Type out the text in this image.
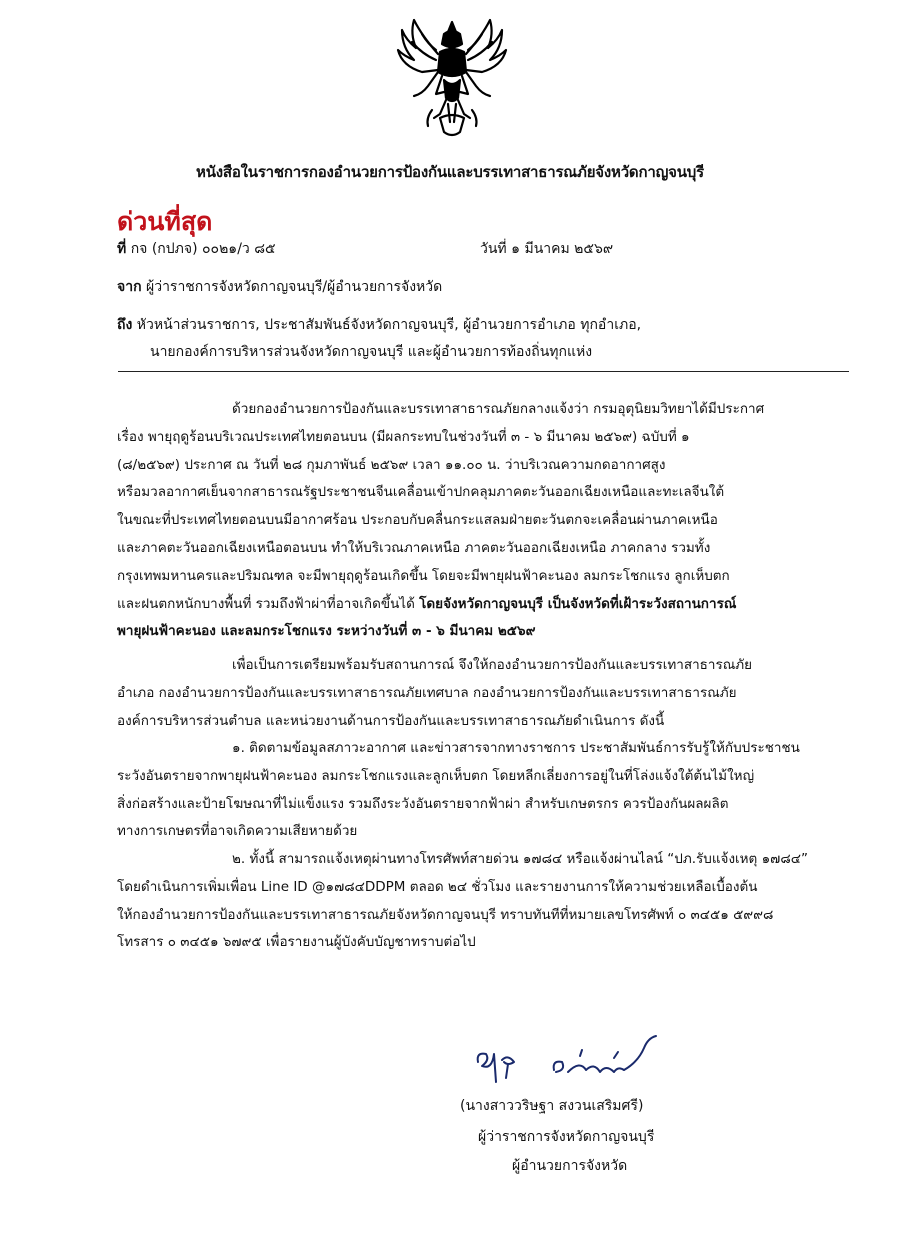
หนังสือในราชการกองอำนวยการป้องกันและบรรเทาสาธารณภัยจังหวัดกาญจนบุรี
ด่วนที่สุด
ที่ กจ (กปภจ) ๐๐๒๑/ว ๘๕	วันที่ ๑ มีนาคม ๒๕๖๙
จาก ผู้ว่าราชการจังหวัดกาญจนบุรี/ผู้อำนวยการจังหวัด
ถึง หัวหน้าส่วนราชการ, ประชาสัมพันธ์จังหวัดกาญจนบุรี, ผู้อำนวยการอำเภอ ทุกอำเภอ,
นายกองค์การบริหารส่วนจังหวัดกาญจนบุรี และผู้อำนวยการท้องถิ่นทุกแห่ง
ด้วยกองอำนวยการป้องกันและบรรเทาสาธารณภัยกลางแจ้งว่า กรมอุตุนิยมวิทยาได้มีประกาศ
เรื่อง พายุฤดูร้อนบริเวณประเทศไทยตอนบน (มีผลกระทบในช่วงวันที่ ๓ - ๖ มีนาคม ๒๕๖๙) ฉบับที่ ๑
(๘/๒๕๖๙) ประกาศ ณ วันที่ ๒๘ กุมภาพันธ์ ๒๕๖๙ เวลา ๑๑.๐๐ น. ว่าบริเวณความกดอากาศสูง
หรือมวลอากาศเย็นจากสาธารณรัฐประชาชนจีนเคลื่อนเข้าปกคลุมภาคตะวันออกเฉียงเหนือและทะเลจีนใต้
ในขณะที่ประเทศไทยตอนบนมีอากาศร้อน ประกอบกับคลื่นกระแสลมฝ่ายตะวันตกจะเคลื่อนผ่านภาคเหนือ
และภาคตะวันออกเฉียงเหนือตอนบน ทำให้บริเวณภาคเหนือ ภาคตะวันออกเฉียงเหนือ ภาคกลาง รวมทั้ง
กรุงเทพมหานครและปริมณฑล จะมีพายุฤดูร้อนเกิดขึ้น โดยจะมีพายุฝนฟ้าคะนอง ลมกระโชกแรง ลูกเห็บตก
และฝนตกหนักบางพื้นที่ รวมถึงฟ้าผ่าที่อาจเกิดขึ้นได้ โดยจังหวัดกาญจนบุรี เป็นจังหวัดที่เฝ้าระวังสถานการณ์
พายุฝนฟ้าคะนอง และลมกระโชกแรง ระหว่างวันที่ ๓ - ๖ มีนาคม ๒๕๖๙
เพื่อเป็นการเตรียมพร้อมรับสถานการณ์ จึงให้กองอำนวยการป้องกันและบรรเทาสาธารณภัย
อำเภอ กองอำนวยการป้องกันและบรรเทาสาธารณภัยเทศบาล กองอำนวยการป้องกันและบรรเทาสาธารณภัย
องค์การบริหารส่วนตำบล และหน่วยงานด้านการป้องกันและบรรเทาสาธารณภัยดำเนินการ ดังนี้
๑. ติดตามข้อมูลสภาวะอากาศ และข่าวสารจากทางราชการ ประชาสัมพันธ์การรับรู้ให้กับประชาชน
ระวังอันตรายจากพายุฝนฟ้าคะนอง ลมกระโชกแรงและลูกเห็บตก โดยหลีกเลี่ยงการอยู่ในที่โล่งแจ้งใต้ต้นไม้ใหญ่
สิ่งก่อสร้างและป้ายโฆษณาที่ไม่แข็งแรง รวมถึงระวังอันตรายจากฟ้าผ่า สำหรับเกษตรกร ควรป้องกันผลผลิต
ทางการเกษตรที่อาจเกิดความเสียหายด้วย
๒. ทั้งนี้ สามารถแจ้งเหตุผ่านทางโทรศัพท์สายด่วน ๑๗๘๔ หรือแจ้งผ่านไลน์ “ปภ.รับแจ้งเหตุ ๑๗๘๔”
โดยดำเนินการเพิ่มเพื่อน Line ID @๑๗๘๔DDPM ตลอด ๒๔ ชั่วโมง และรายงานการให้ความช่วยเหลือเบื้องต้น
ให้กองอำนวยการป้องกันและบรรเทาสาธารณภัยจังหวัดกาญจนบุรี ทราบทันทีที่หมายเลขโทรศัพท์ ๐ ๓๔๕๑ ๕๙๙๘
โทรสาร ๐ ๓๔๕๑ ๖๗๙๕ เพื่อรายงานผู้บังคับบัญชาทราบต่อไป
(นางสาววริษฐา สงวนเสริมศรี)
ผู้ว่าราชการจังหวัดกาญจนบุรี
ผู้อำนวยการจังหวัด
